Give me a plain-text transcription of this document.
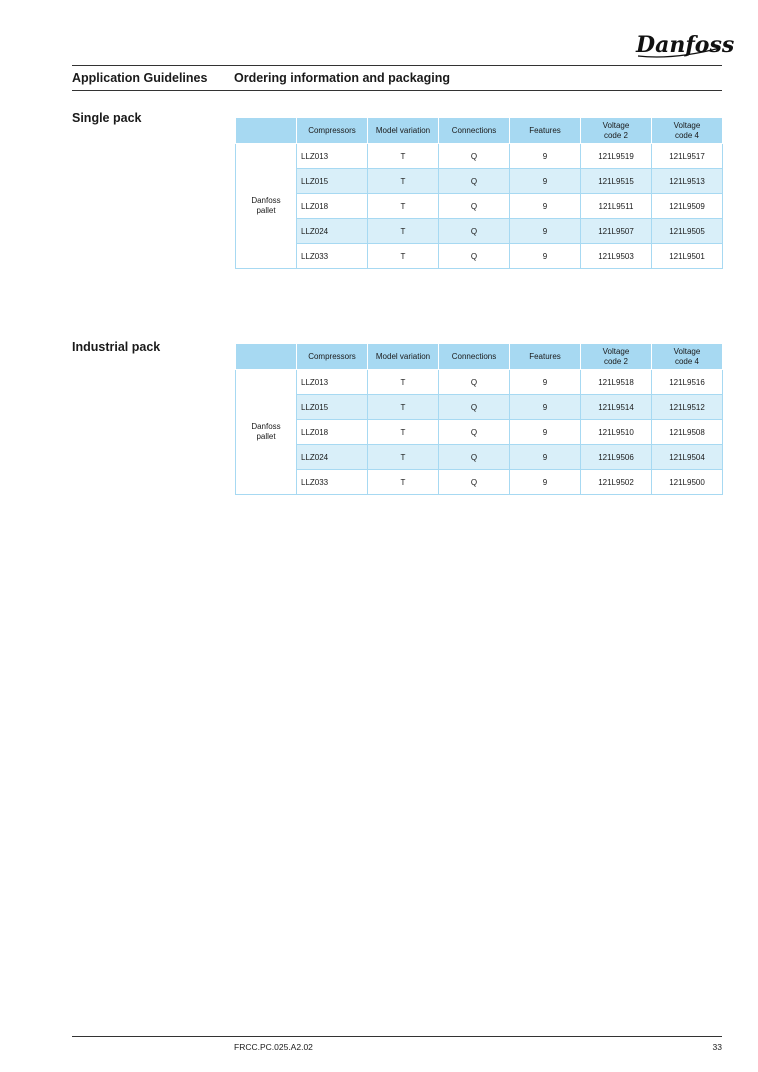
Danfoss
Application Guidelines Ordering information and packaging
Single pack
	Compressors	Model variation	Connections	Features	Voltage code 2	Voltage code 4
Danfoss pallet	LLZ013	T	Q	9	121L9519	121L9517
	LLZ015	T	Q	9	121L9515	121L9513
	LLZ018	T	Q	9	121L9511	121L9509
	LLZ024	T	Q	9	121L9507	121L9505
	LLZ033	T	Q	9	121L9503	121L9501
Industrial pack
	Compressors	Model variation	Connections	Features	Voltage code 2	Voltage code 4
Danfoss pallet	LLZ013	T	Q	9	121L9518	121L9516
	LLZ015	T	Q	9	121L9514	121L9512
	LLZ018	T	Q	9	121L9510	121L9508
	LLZ024	T	Q	9	121L9506	121L9504
	LLZ033	T	Q	9	121L9502	121L9500
FRCC.PC.025.A2.02	33
